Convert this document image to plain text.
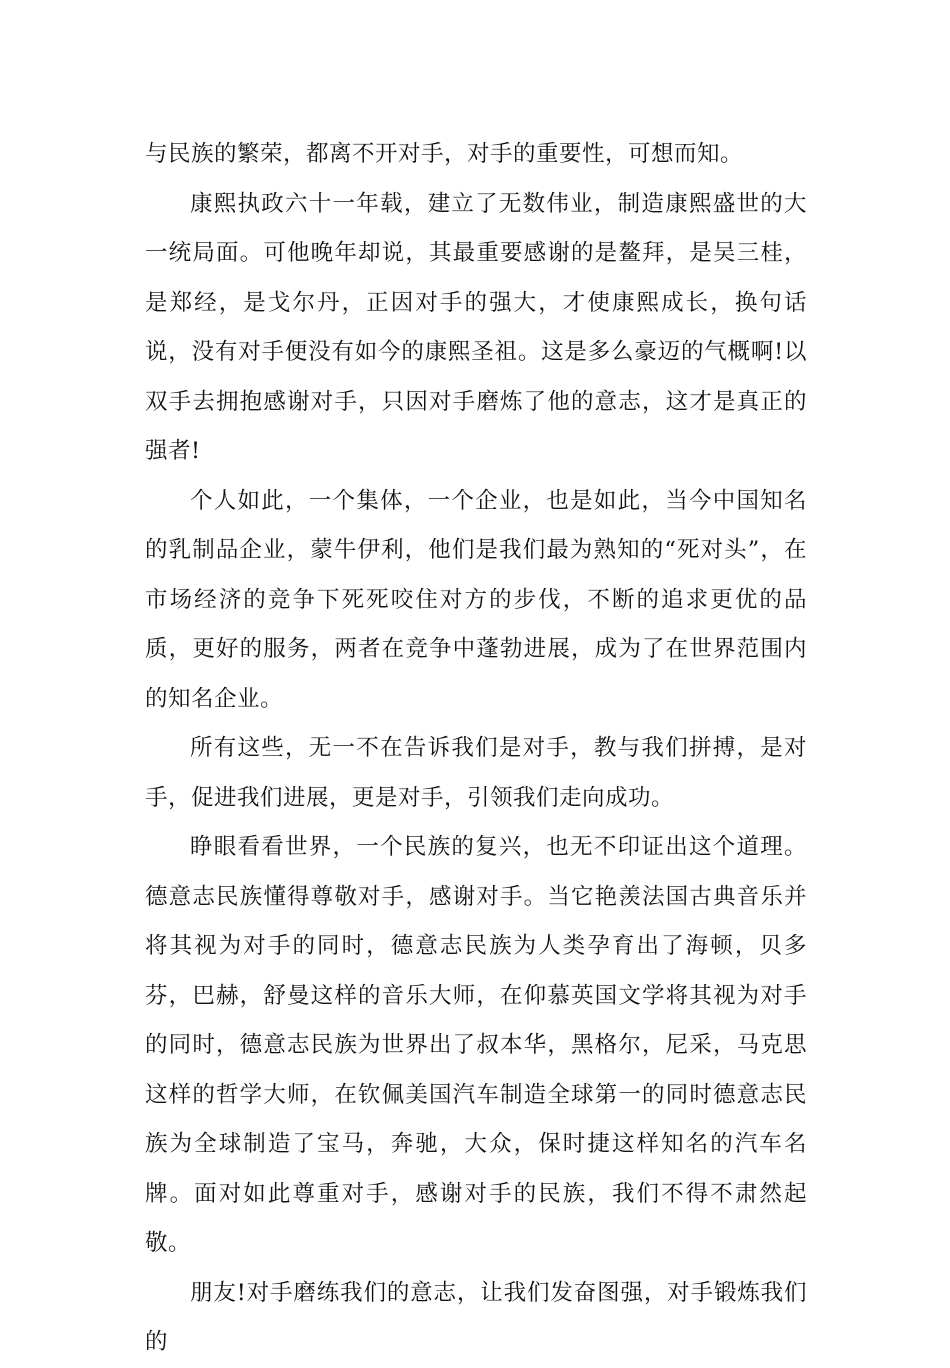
与民族的繁荣，都离不开对手，对手的重要性，可想而知。

康熙执政六十一年载，建立了无数伟业，制造康熙盛世的大一统局面。可他晚年却说，其最重要感谢的是鳌拜，是吴三桂，是郑经，是戈尔丹，正因对手的强大，才使康熙成长，换句话说，没有对手便没有如今的康熙圣祖。这是多么豪迈的气概啊!以双手去拥抱感谢对手，只因对手磨炼了他的意志，这才是真正的强者!

个人如此，一个集体，一个企业，也是如此，当今中国知名的乳制品企业，蒙牛伊利，他们是我们最为熟知的“死对头”，在市场经济的竞争下死死咬住对方的步伐，不断的追求更优的品质，更好的服务，两者在竞争中蓬勃进展，成为了在世界范围内的知名企业。

所有这些，无一不在告诉我们是对手，教与我们拼搏，是对手，促进我们进展，更是对手，引领我们走向成功。

睁眼看看世界，一个民族的复兴，也无不印证出这个道理。德意志民族懂得尊敬对手，感谢对手。当它艳羡法国古典音乐并将其视为对手的同时，德意志民族为人类孕育出了海顿，贝多芬，巴赫，舒曼这样的音乐大师，在仰慕英国文学将其视为对手的同时，德意志民族为世界出了叔本华，黑格尔，尼采，马克思这样的哲学大师，在钦佩美国汽车制造全球第一的同时德意志民族为全球制造了宝马，奔驰，大众，保时捷这样知名的汽车名牌。面对如此尊重对手，感谢对手的民族，我们不得不肃然起敬。

朋友!对手磨练我们的意志，让我们发奋图强，对手锻炼我们的
